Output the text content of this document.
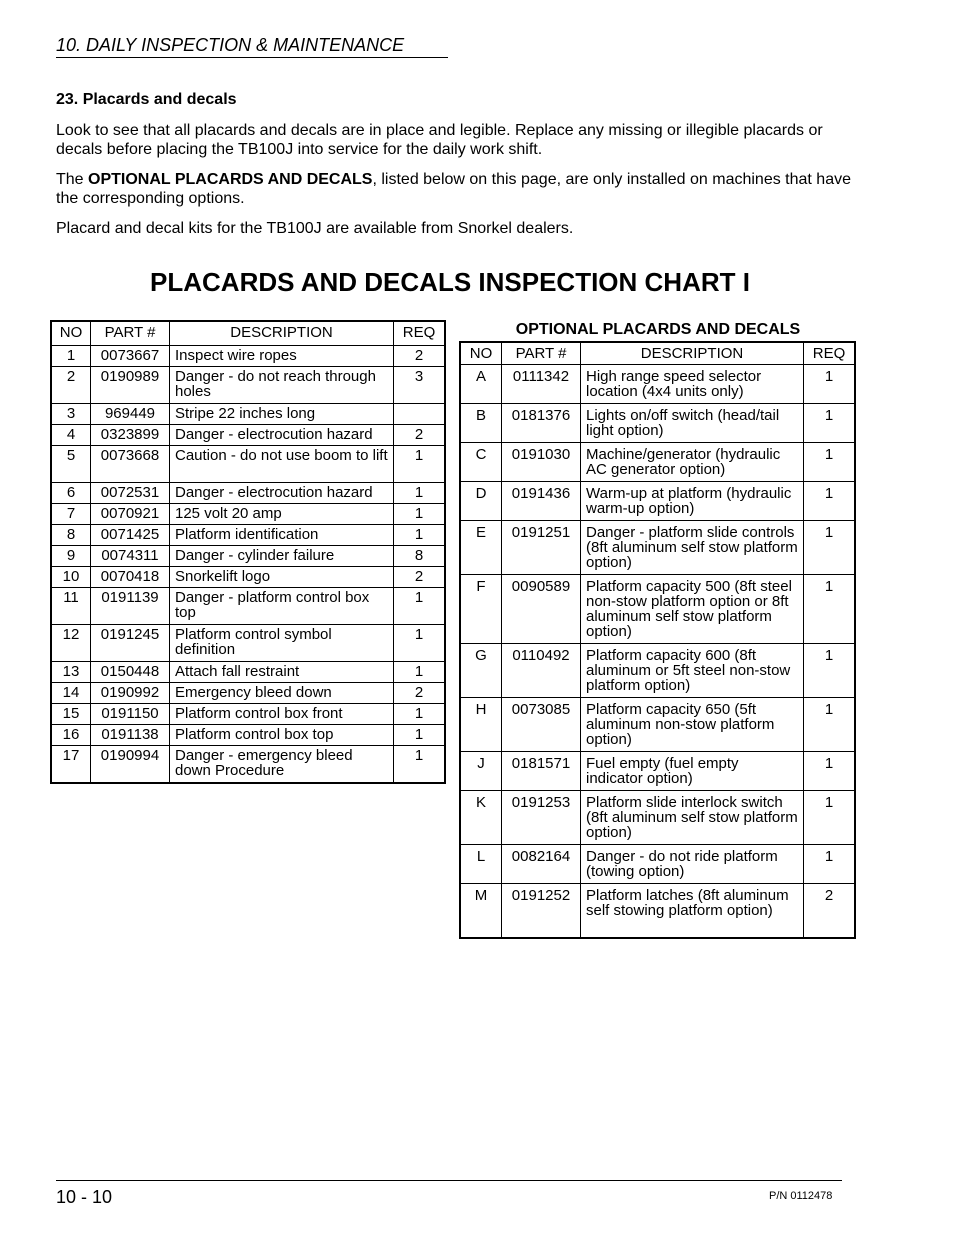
10. DAILY INSPECTION & MAINTENANCE
23. Placards and decals
Look to see that all placards and decals are in place and legible. Replace any missing or illegible placards or decals before placing the TB100J into service for the daily work shift.
The OPTIONAL PLACARDS AND DECALS, listed below on this page, are only installed on machines that have the corresponding options.
Placard and decal kits for the TB100J are available from Snorkel dealers.
PLACARDS AND DECALS INSPECTION CHART I
NO	PART #	DESCRIPTION	REQ
1	0073667	Inspect wire ropes	2
2	0190989	Danger - do not reach through holes	3
3	969449	Stripe 22 inches long	
4	0323899	Danger - electrocution hazard	2
5	0073668	Caution - do not use boom to lift	1
6	0072531	Danger - electrocution hazard	1
7	0070921	125 volt 20 amp	1
8	0071425	Platform identification	1
9	0074311	Danger - cylinder failure	8
10	0070418	Snorkelift logo	2
11	0191139	Danger - platform control box top	1
12	0191245	Platform control symbol definition	1
13	0150448	Attach fall restraint	1
14	0190992	Emergency bleed down	2
15	0191150	Platform control box front	1
16	0191138	Platform control box top	1
17	0190994	Danger - emergency bleed down Procedure	1
OPTIONAL PLACARDS AND DECALS
NO	PART #	DESCRIPTION	REQ
A	0111342	High range speed selector location (4x4 units only)	1
B	0181376	Lights on/off switch (head/tail light option)	1
C	0191030	Machine/generator (hydraulic AC generator option)	1
D	0191436	Warm-up at platform (hydraulic warm-up option)	1
E	0191251	Danger - platform slide controls (8ft aluminum self stow platform option)	1
F	0090589	Platform capacity 500 (8ft steel non-stow platform option or 8ft aluminum self stow platform option)	1
G	0110492	Platform capacity 600 (8ft aluminum or 5ft steel non-stow platform option)	1
H	0073085	Platform capacity 650 (5ft aluminum non-stow platform option)	1
J	0181571	Fuel empty (fuel empty indicator option)	1
K	0191253	Platform slide interlock switch (8ft aluminum self stow platform option)	1
L	0082164	Danger - do not ride platform (towing option)	1
M	0191252	Platform latches (8ft aluminum self stowing platform option)	2
10 - 10	P/N 0112478
